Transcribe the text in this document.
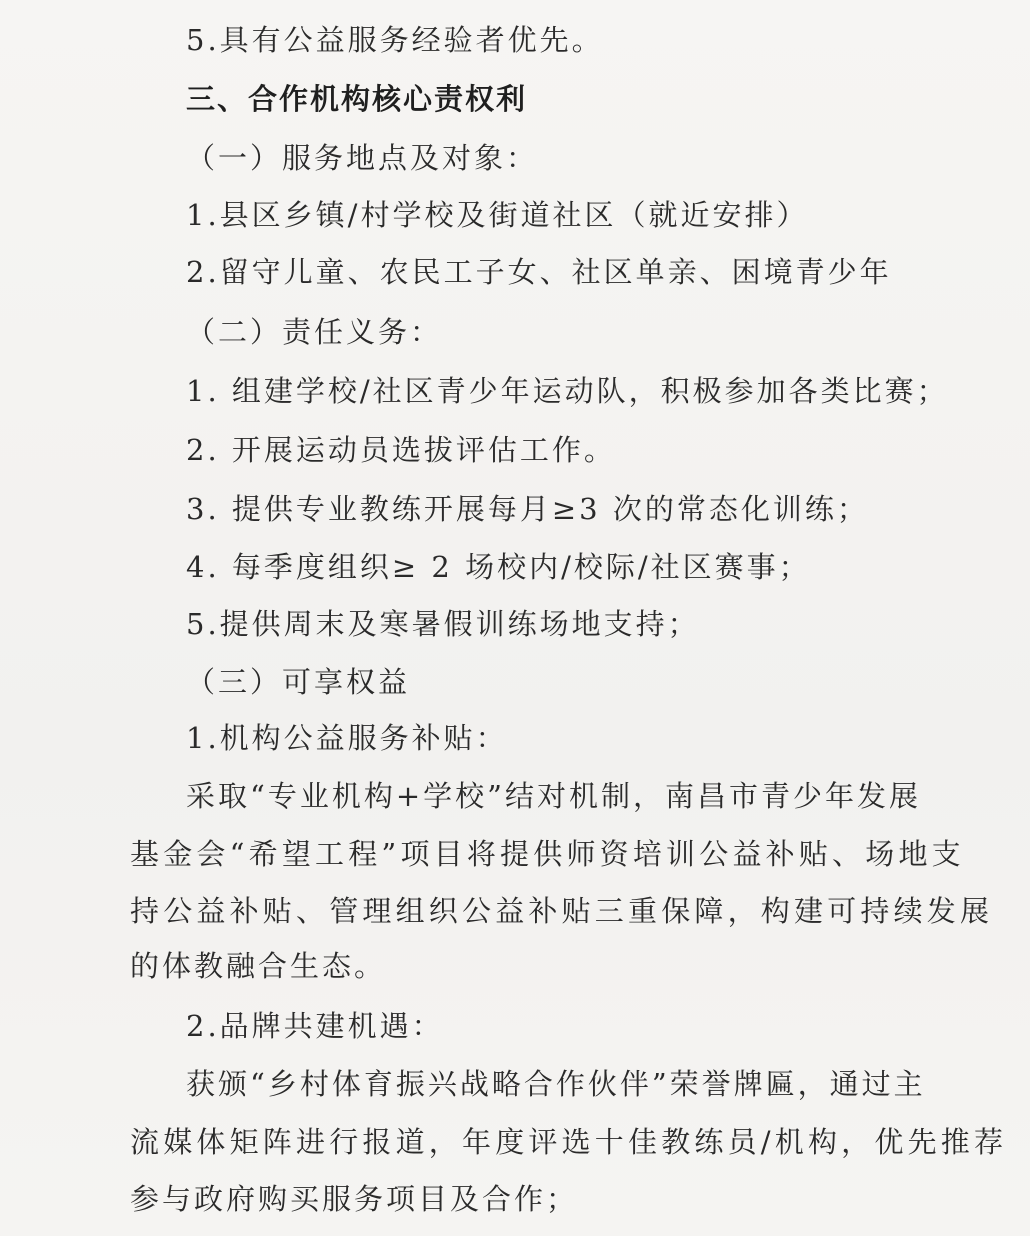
5.具有公益服务经验者优先。
三、合作机构核心责权利
（一）服务地点及对象：
1.县区乡镇/村学校及街道社区（就近安排）
2.留守儿童、农民工子女、社区单亲、困境青少年
（二）责任义务：
1. 组建学校/社区青少年运动队，积极参加各类比赛；
2. 开展运动员选拔评估工作。
3. 提供专业教练开展每月≥3 次的常态化训练；
4. 每季度组织≥ 2 场校内/校际/社区赛事；
5.提供周末及寒暑假训练场地支持；
（三）可享权益
1.机构公益服务补贴：
采取“专业机构+学校”结对机制，南昌市青少年发展
基金会“希望工程”项目将提供师资培训公益补贴、场地支
持公益补贴、管理组织公益补贴三重保障，构建可持续发展
的体教融合生态。
2.品牌共建机遇：
获颁“乡村体育振兴战略合作伙伴”荣誉牌匾，通过主
流媒体矩阵进行报道，年度评选十佳教练员/机构，优先推荐
参与政府购买服务项目及合作；
